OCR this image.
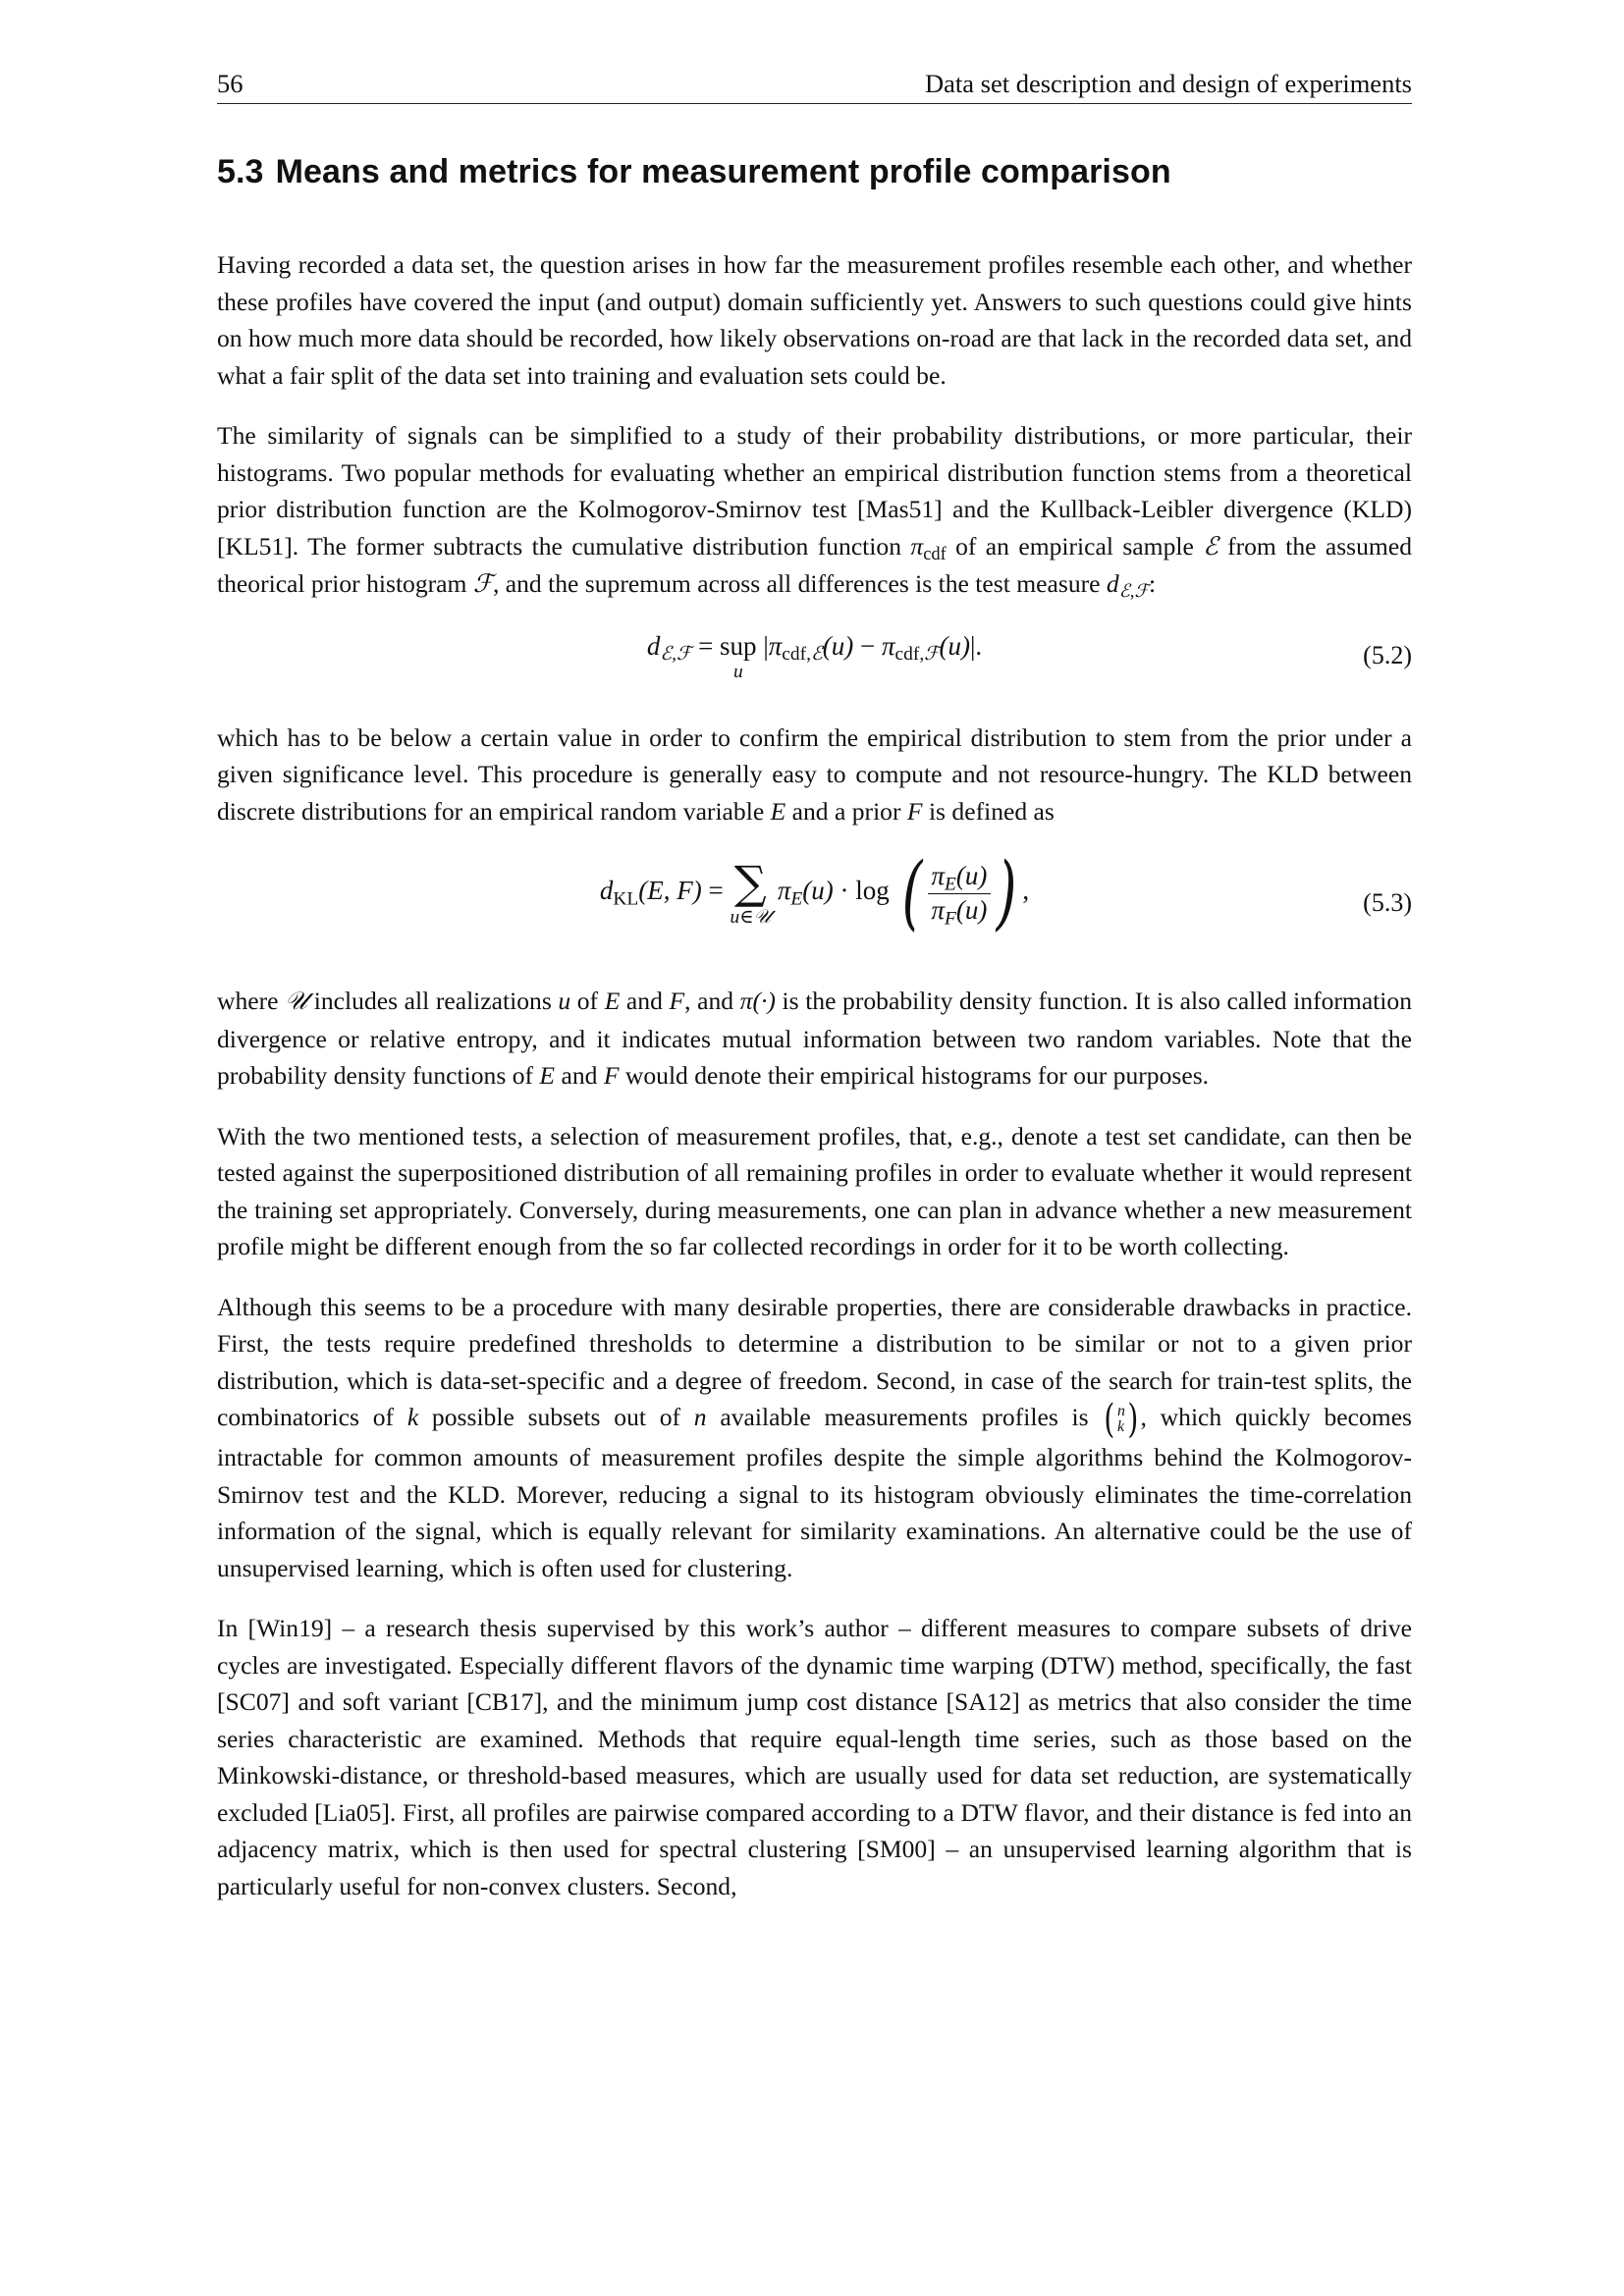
56	Data set description and design of experiments
5.3 Means and metrics for measurement profile comparison

Having recorded a data set, the question arises in how far the measurement profiles resemble each other, and whether these profiles have covered the input (and output) domain sufficiently yet. Answers to such questions could give hints on how much more data should be recorded, how likely observations on-road are that lack in the recorded data set, and what a fair split of the data set into training and evaluation sets could be.

The similarity of signals can be simplified to a study of their probability distributions, or more particular, their histograms. Two popular methods for evaluating whether an empirical distribution function stems from a theoretical prior distribution function are the Kolmogorov-Smirnov test [Mas51] and the Kullback-Leibler divergence (KLD) [KL51]. The former subtracts the cumulative distribution function $\pi_{cdf}$ of an empirical sample ℰ from the assumed theorical prior histogram ℱ, and the supremum across all differences is the test measure $d_{ℰ,ℱ}$:

$d_{ℰ,ℱ}$ = sup
u
$|\pi_{cdf,ℰ}(u) - \pi_{cdf,ℱ}(u)|$.	(5.2)

which has to be below a certain value in order to confirm the empirical distribution to stem from the prior under a given significance level. This procedure is generally easy to compute and not resource-hungry. The KLD between discrete distributions for an empirical random variable E and a prior F is defined as

$d_{KL}(E$, F) = ∑
u∈𝒰
$\pi_E(u) \cdot \log$ ( $\frac{\pi_E(u)}{\pi_F(u)}$ ) ,	(5.3)

where 𝒰 includes all realizations u of E and F, and π(·) is the probability density function. It is also called information divergence or relative entropy, and it indicates mutual information between two random variables. Note that the probability density functions of E and F would denote their empirical histograms for our purposes.

With the two mentioned tests, a selection of measurement profiles, that, e.g., denote a test set candidate, can then be tested against the superpositioned distribution of all remaining profiles in order to evaluate whether it would represent the training set appropriately. Conversely, during measurements, one can plan in advance whether a new measurement profile might be different enough from the so far collected recordings in order for it to be worth collecting.

Although this seems to be a procedure with many desirable properties, there are considerable drawbacks in practice. First, the tests require predefined thresholds to determine a distribution to be similar or not to a given prior distribution, which is data-set-specific and a degree of freedom. Second, in case of the search for train-test splits, the combinatorics of k possible subsets out of n available measurements profiles is ( n
k ) , which quickly becomes intractable for common amounts of measurement profiles despite the simple algorithms behind the Kolmogorov-Smirnov test and the KLD. Morever, reducing a signal to its histogram obviously eliminates the time-correlation information of the signal, which is equally relevant for similarity examinations. An alternative could be the use of unsupervised learning, which is often used for clustering.

In [Win19] – a research thesis supervised by this work’s author – different measures to compare subsets of drive cycles are investigated. Especially different flavors of the dynamic time warping (DTW) method, specifically, the fast [SC07] and soft variant [CB17], and the minimum jump cost distance [SA12] as metrics that also consider the time series characteristic are examined. Methods that require equal-length time series, such as those based on the Minkowski-distance, or threshold-based measures, which are usually used for data set reduction, are systematically excluded [Lia05]. First, all profiles are pairwise compared according to a DTW flavor, and their distance is fed into an adjacency matrix, which is then used for spectral clustering [SM00] – an unsupervised learning algorithm that is particularly useful for non-convex clusters. Second,
